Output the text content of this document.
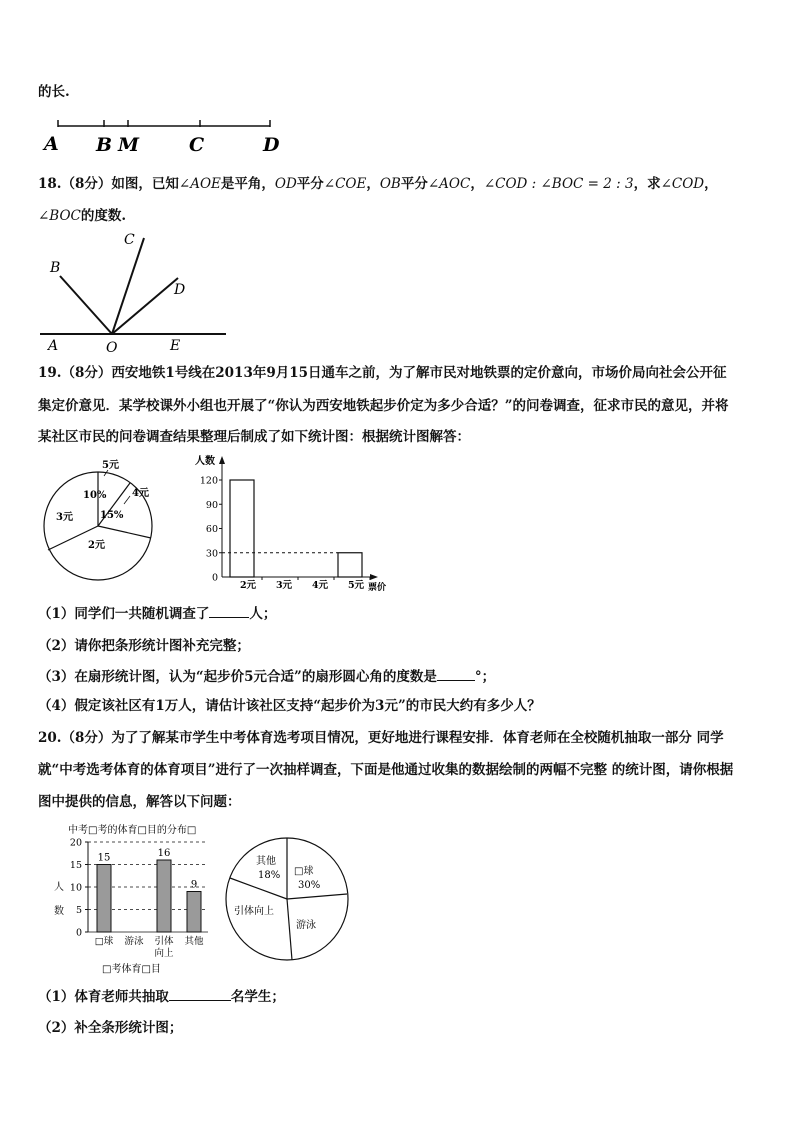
的长.
A B M	C	D
18.（8分）如图，已知∠AOE是平角，OD平分∠COE，OB平分∠AOC，∠COD : ∠BOC = 2 : 3，求∠COD，
∠BOC的度数.
B
C
D
A	O	E
19.（8分）西安地铁1号线在2013年9月15日通车之前，为了解市民对地铁票的定价意向，市场价局向社会公开征
集定价意见．某学校课外小组也开展了“你认为西安地铁起步价定为多少合适？”的问卷调查，征求市民的意见，并将
某社区市民的问卷调查结果整理后制成了如下统计图：根据统计图解答：
5元
4元
3元
2元
10%
15%
人数
票价
0
30
60
90
120
2元 3元 4元 5元
（1）同学们一共随机调查了	人；
（2）请你把条形统计图补充完整；
（3）在扇形统计图，认为“起步价5元合适”的扇形圆心角的度数是	°；
（4）假定该社区有1万人，请估计该社区支持“起步价为3元”的市民大约有多少人？
20.（8分）为了了解某市学生中考体育选考项目情况，更好地进行课程安排．体育老师在全校随机抽取一部分 同学
就“中考选考体育的体育项目”进行了一次抽样调查，下面是他通过收集的数据绘制的两幅不完整 的统计图，请你根据
图中提供的信息，解答以下问题：
中考□考的体育□目的分布□
人
数
□考体育□目
0
5
10
15
20
□球
15
游泳 引体
向上
16
其他
9
其他
18% □球
30%
引体向上
游泳
（1）体育老师共抽取	名学生；
（2）补全条形统计图；
